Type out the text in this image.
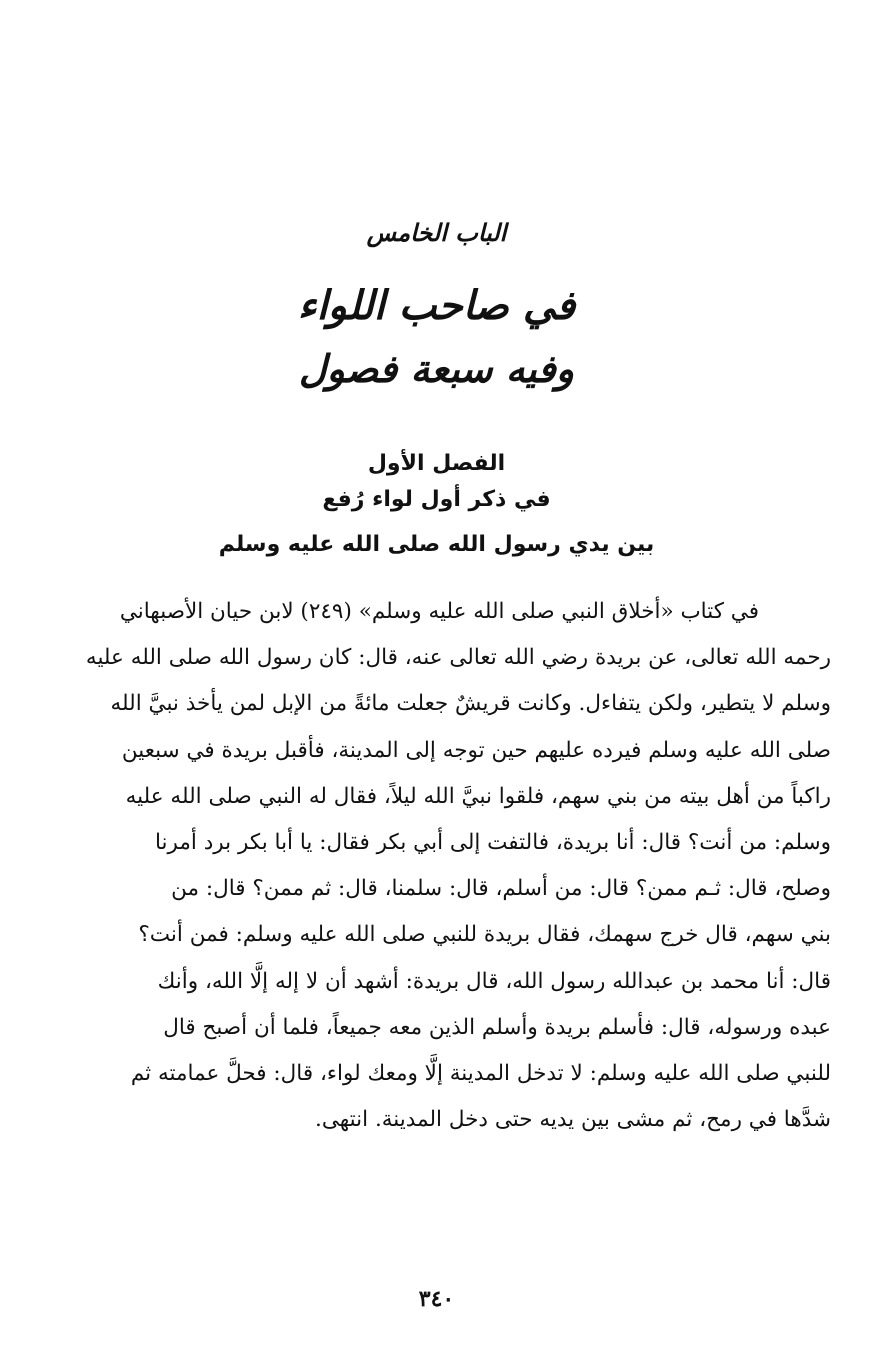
الباب الخامس
في صاحب اللواء
وفيه سبعة فصول
الفصل الأول
في ذكر أول لواء رُفع
بين يدي رسول الله صلى الله عليه وسلم
في كتاب «أخلاق النبي صلى الله عليه وسلم» (٢٤٩) لابن حيان الأصبهاني
رحمه الله تعالى، عن بريدة رضي الله تعالى عنه، قال: كان رسول الله صلى الله عليه
وسلم لا يتطير، ولكن يتفاءل. وكانت قريشٌ جعلت مائةً من الإبل لمن يأخذ نبيَّ الله
صلى الله عليه وسلم فيرده عليهم حين توجه إلى المدينة، فأقبل بريدة في سبعين
راكباً من أهل بيته من بني سهم، فلقوا نبيَّ الله ليلاً، فقال له النبي صلى الله عليه
وسلم: من أنت؟ قال: أنا بريدة، فالتفت إلى أبي بكر فقال: يا أبا بكر برد أمرنا
وصلح، قال: ثـم ممن؟ قال: من أسلم، قال: سلمنا، قال: ثم ممن؟ قال: من
بني سهم، قال خرج سهمك، فقال بريدة للنبي صلى الله عليه وسلم: فمن أنت؟
قال: أنا محمد بن عبدالله رسول الله، قال بريدة: أشهد أن لا إله إلَّا الله، وأنك
عبده ورسوله، قال: فأسلم بريدة وأسلم الذين معه جميعاً، فلما أن أصبح قال
للنبي صلى الله عليه وسلم: لا تدخل المدينة إلَّا ومعك لواء، قال: فحلَّ عمامته ثم
شدَّها في رمح، ثم مشى بين يديه حتى دخل المدينة. انتهى.
٣٤٠
